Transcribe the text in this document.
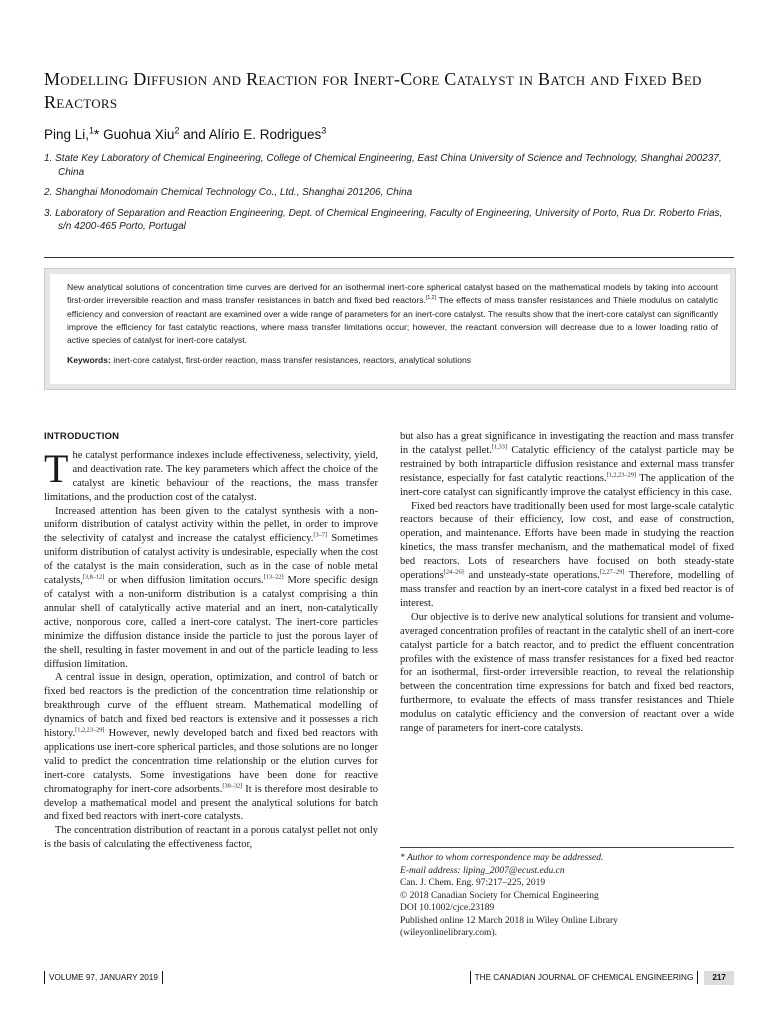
Modelling Diffusion and Reaction for Inert-Core Catalyst in Batch and Fixed Bed Reactors

Ping Li,$^1$* Guohua Xiu$^2$ and Alírio E. Rodrigues$^3$

1. State Key Laboratory of Chemical Engineering, College of Chemical Engineering, East China University of Science and Technology, Shanghai 200237, China
2. Shanghai Monodomain Chemical Technology Co., Ltd., Shanghai 201206, China
3. Laboratory of Separation and Reaction Engineering, Dept. of Chemical Engineering, Faculty of Engineering, University of Porto, Rua Dr. Roberto Frias, s/n 4200-465 Porto, Portugal

New analytical solutions of concentration time curves are derived for an isothermal inert-core spherical catalyst based on the mathematical models by taking into account first-order irreversible reaction and mass transfer resistances in batch and fixed bed reactors.[1,2] The effects of mass transfer resistances and Thiele modulus on catalytic efficiency and conversion of reactant are examined over a wide range of parameters for an inert-core catalyst. The results show that the inert-core catalyst can significantly improve the efficiency for fast catalytic reactions, where mass transfer limitations occur; however, the reactant conversion will decrease due to a lower loading ratio of active species of catalyst for inert-core catalyst.

Keywords: inert-core catalyst, first-order reaction, mass transfer resistances, reactors, analytical solutions

INTRODUCTION

The catalyst performance indexes include effectiveness, selectivity, yield, and deactivation rate. The key parameters which affect the choice of the catalyst are kinetic behaviour of the reactions, the mass transfer limitations, and the production cost of the catalyst.

Increased attention has been given to the catalyst synthesis with a non-uniform distribution of catalyst activity within the pellet, in order to improve the selectivity of catalyst and increase the catalyst efficiency.[3–7] Sometimes uniform distribution of catalyst activity is undesirable, especially when the cost of the catalyst is the main consideration, such as in the case of noble metal catalysts,[3,8–12] or when diffusion limitation occurs.[13–22] More specific design of catalyst with a non-uniform distribution is a catalyst comprising a thin annular shell of catalytically active material and an inert, non-catalytically active, nonporous core, called a inert-core catalyst. The inert-core particles minimize the diffusion distance inside the particle to just the porous layer of the shell, resulting in faster movement in and out of the particle leading to less diffusion limitation.

A central issue in design, operation, optimization, and control of batch or fixed bed reactors is the prediction of the concentration time relationship or breakthrough curve of the effluent stream. Mathematical modelling of dynamics of batch and fixed bed reactors is extensive and it possesses a rich history.[1,2,23–29] However, newly developed batch and fixed bed reactors with applications use inert-core spherical particles, and those solutions are no longer valid to predict the concentration time relationship or the elution curves for inert-core catalysts. Some investigations have been done for reactive chromatography for inert-core adsorbents.[30–32] It is therefore most desirable to develop a mathematical model and present the analytical solutions for batch and fixed bed reactors with inert-core catalysts.

The concentration distribution of reactant in a porous catalyst pellet not only is the basis of calculating the effectiveness factor,

but also has a great significance in investigating the reaction and mass transfer in the catalyst pellet.[1,33] Catalytic efficiency of the catalyst particle may be restrained by both intraparticle diffusion resistance and external mass transfer resistance, especially for fast catalytic reactions.[1,2,23–29] The application of the inert-core catalyst can significantly improve the catalyst efficiency in this case.

Fixed bed reactors have traditionally been used for most large-scale catalytic reactors because of their efficiency, low cost, and ease of construction, operation, and maintenance. Efforts have been made in studying the reaction kinetics, the mass transfer mechanism, and the mathematical model of fixed bed reactors. Lots of researchers have focused on both steady-state operations[24–26] and unsteady-state operations.[2,27–29] Therefore, modelling of mass transfer and reaction by an inert-core catalyst in a fixed bed reactor is of interest.

Our objective is to derive new analytical solutions for transient and volume-averaged concentration profiles of reactant in the catalytic shell of an inert-core catalyst particle for a batch reactor, and to predict the effluent concentration profiles with the existence of mass transfer resistances for a fixed bed reactor for an isothermal, first-order irreversible reaction, to reveal the relationship between the concentration time expressions for batch and fixed bed reactors, furthermore, to evaluate the effects of mass transfer resistances and Thiele modulus on catalytic efficiency and the conversion of reactant over a wide range of parameters for inert-core catalysts.

* Author to whom correspondence may be addressed.
E-mail address: liping_2007@ecust.edu.cn
Can. J. Chem. Eng. 97:217–225, 2019
© 2018 Canadian Society for Chemical Engineering
DOI 10.1002/cjce.23189
Published online 12 March 2018 in Wiley Online Library
(wileyonlinelibrary.com).
VOLUME 97, JANUARY 2019	THE CANADIAN JOURNAL OF CHEMICAL ENGINEERING 217
